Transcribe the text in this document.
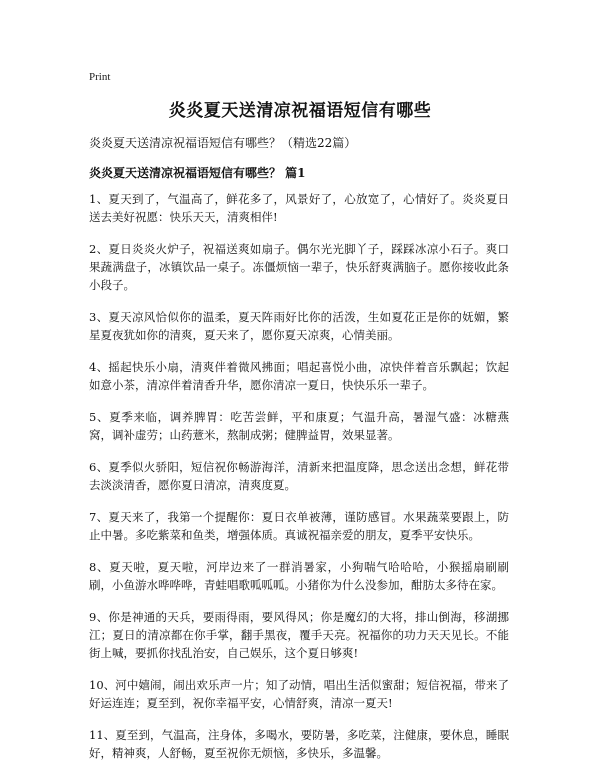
Print
炎炎夏天送清凉祝福语短信有哪些

炎炎夏天送清凉祝福语短信有哪些？（精选22篇）

炎炎夏天送清凉祝福语短信有哪些？ 篇1

1、夏天到了，气温高了，鲜花多了，风景好了，心放宽了，心情好了。炎炎夏日送去美好祝愿：快乐天天，清爽相伴!

2、夏日炎炎火炉子，祝福送爽如扇子。偶尔光光脚丫子，踩踩冰凉小石子。爽口果蔬满盘子，冰镇饮品一桌子。冻僵烦恼一辈子，快乐舒爽满脑子。愿你接收此条小段子。

3、夏天凉风恰似你的温柔，夏天阵雨好比你的活泼，生如夏花正是你的妩媚，繁星夏夜犹如你的清爽，夏天来了，愿你夏天凉爽，心情美丽。

4、摇起快乐小扇，清爽伴着微风拂面；唱起喜悦小曲，凉快伴着音乐飘起；饮起如意小茶，清凉伴着清香升华，愿你清凉一夏日，快快乐乐一辈子。

5、夏季来临，调养脾胃：吃苦尝鲜，平和康夏；气温升高，暑湿气盛：冰糖燕窝，调补虚劳；山药薏米，熬制成粥；健脾益胃，效果显著。

6、夏季似火骄阳，短信祝你畅游海洋，清新来把温度降，思念送出念想，鲜花带去淡淡清香，愿你夏日清凉，清爽度夏。

7、夏天来了，我第一个提醒你：夏日衣单被薄，谨防感冒。水果蔬菜要跟上，防止中暑。多吃紫菜和鱼类，增强体质。真诚祝福亲爱的朋友，夏季平安快乐。

8、夏天啦，夏天啦，河岸边来了一群消暑家，小狗喘气哈哈哈，小猴摇扇刷刷刷，小鱼游水哗哗哗，青蛙唱歌呱呱呱。小猪你为什么没参加，酣肪太多待在家。

9、你是神通的天兵，要雨得雨，要风得风；你是魔幻的大将，排山倒海，移湖挪江；夏日的清凉都在你手掌，翻手黑夜，覆手天亮。祝福你的功力天天见长。不能街上喊，要抓你找乱治安，自己娱乐，这个夏日够爽!

10、河中嬉闹，闹出欢乐声一片；知了动情，唱出生活似蜜甜；短信祝福，带来了好运连连；夏至到，祝你幸福平安，心情舒爽，清凉一夏天!

11、夏至到，气温高，注身体，多喝水，要防暑，多吃菜，注健康，要休息，睡眠好，精神爽，人舒畅，夏至祝你无烦恼，多快乐，多温馨。
